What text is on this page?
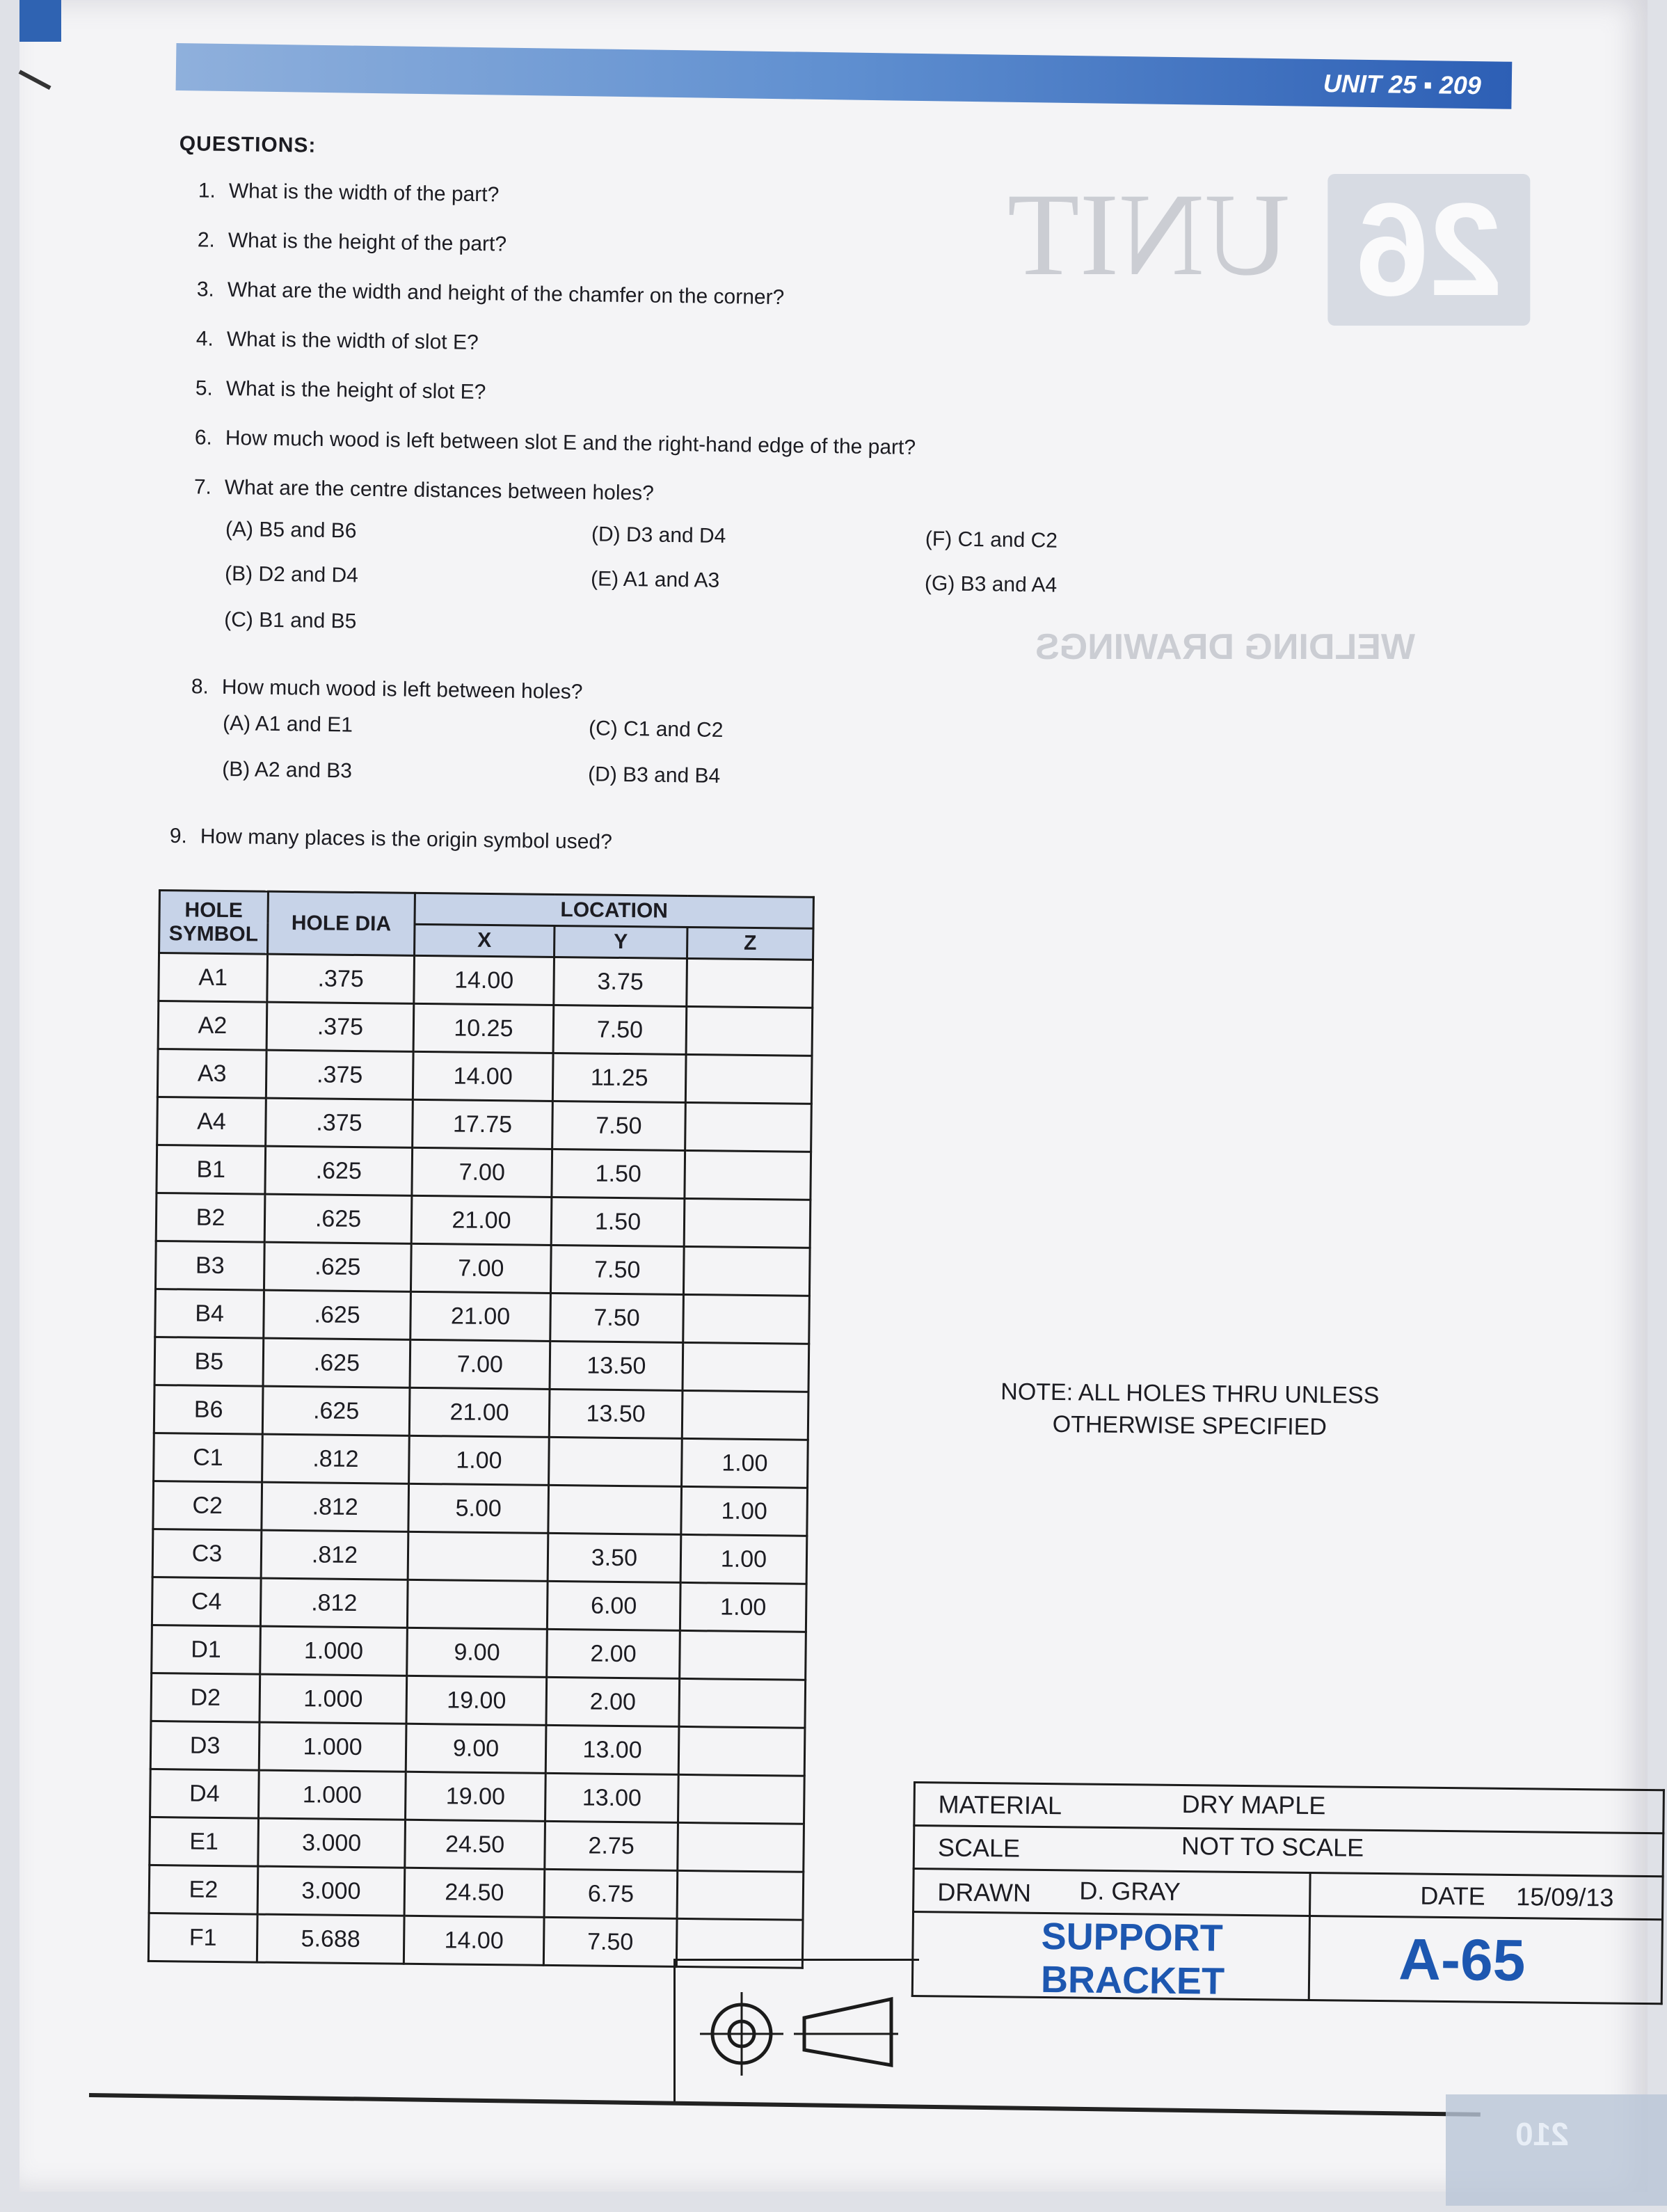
UNIT 26
WELDING DRAWINGS
UNIT 25 ▪ 209
QUESTIONS:
1. What is the width of the part?
2. What is the height of the part?
3. What are the width and height of the chamfer on the corner?
4. What is the width of slot E?
5. What is the height of slot E?
6. How much wood is left between slot E and the right-hand edge of the part?
7. What are the centre distances between holes?
(A) B5 and B6	(D) D3 and D4	(F) C1 and C2
(B) D2 and D4	(E) A1 and A3	(G) B3 and A4
(C) B1 and B5
8. How much wood is left between holes?
(A) A1 and E1	(C) C1 and C2
(B) A2 and B3	(D) B3 and B4
9. How many places is the origin symbol used?
HOLE SYMBOL	HOLE DIA	LOCATION		
		X	Y	Z
A1	.375	14.00	3.75	
A2	.375	10.25	7.50	
A3	.375	14.00	11.25	
A4	.375	17.75	7.50	
B1	.625	7.00	1.50	
B2	.625	21.00	1.50	
B3	.625	7.00	7.50	
B4	.625	21.00	7.50	
B5	.625	7.00	13.50	
B6	.625	21.00	13.50	
C1	.812	1.00		1.00
C2	.812	5.00		1.00
C3	.812		3.50	1.00
C4	.812		6.00	1.00
D1	1.000	9.00	2.00	
D2	1.000	19.00	2.00	
D3	1.000	9.00	13.00	
D4	1.000	19.00	13.00	
E1	3.000	24.50	2.75	
E2	3.000	24.50	6.75	
F1	5.688	14.00	7.50	
NOTE: ALL HOLES THRU UNLESS
OTHERWISE SPECIFIED
MATERIAL	DRY MAPLE
SCALE	NOT TO SCALE
DRAWN D. GRAY	DATE 15/09/13
SUPPORT
BRACKET	A-65
210
